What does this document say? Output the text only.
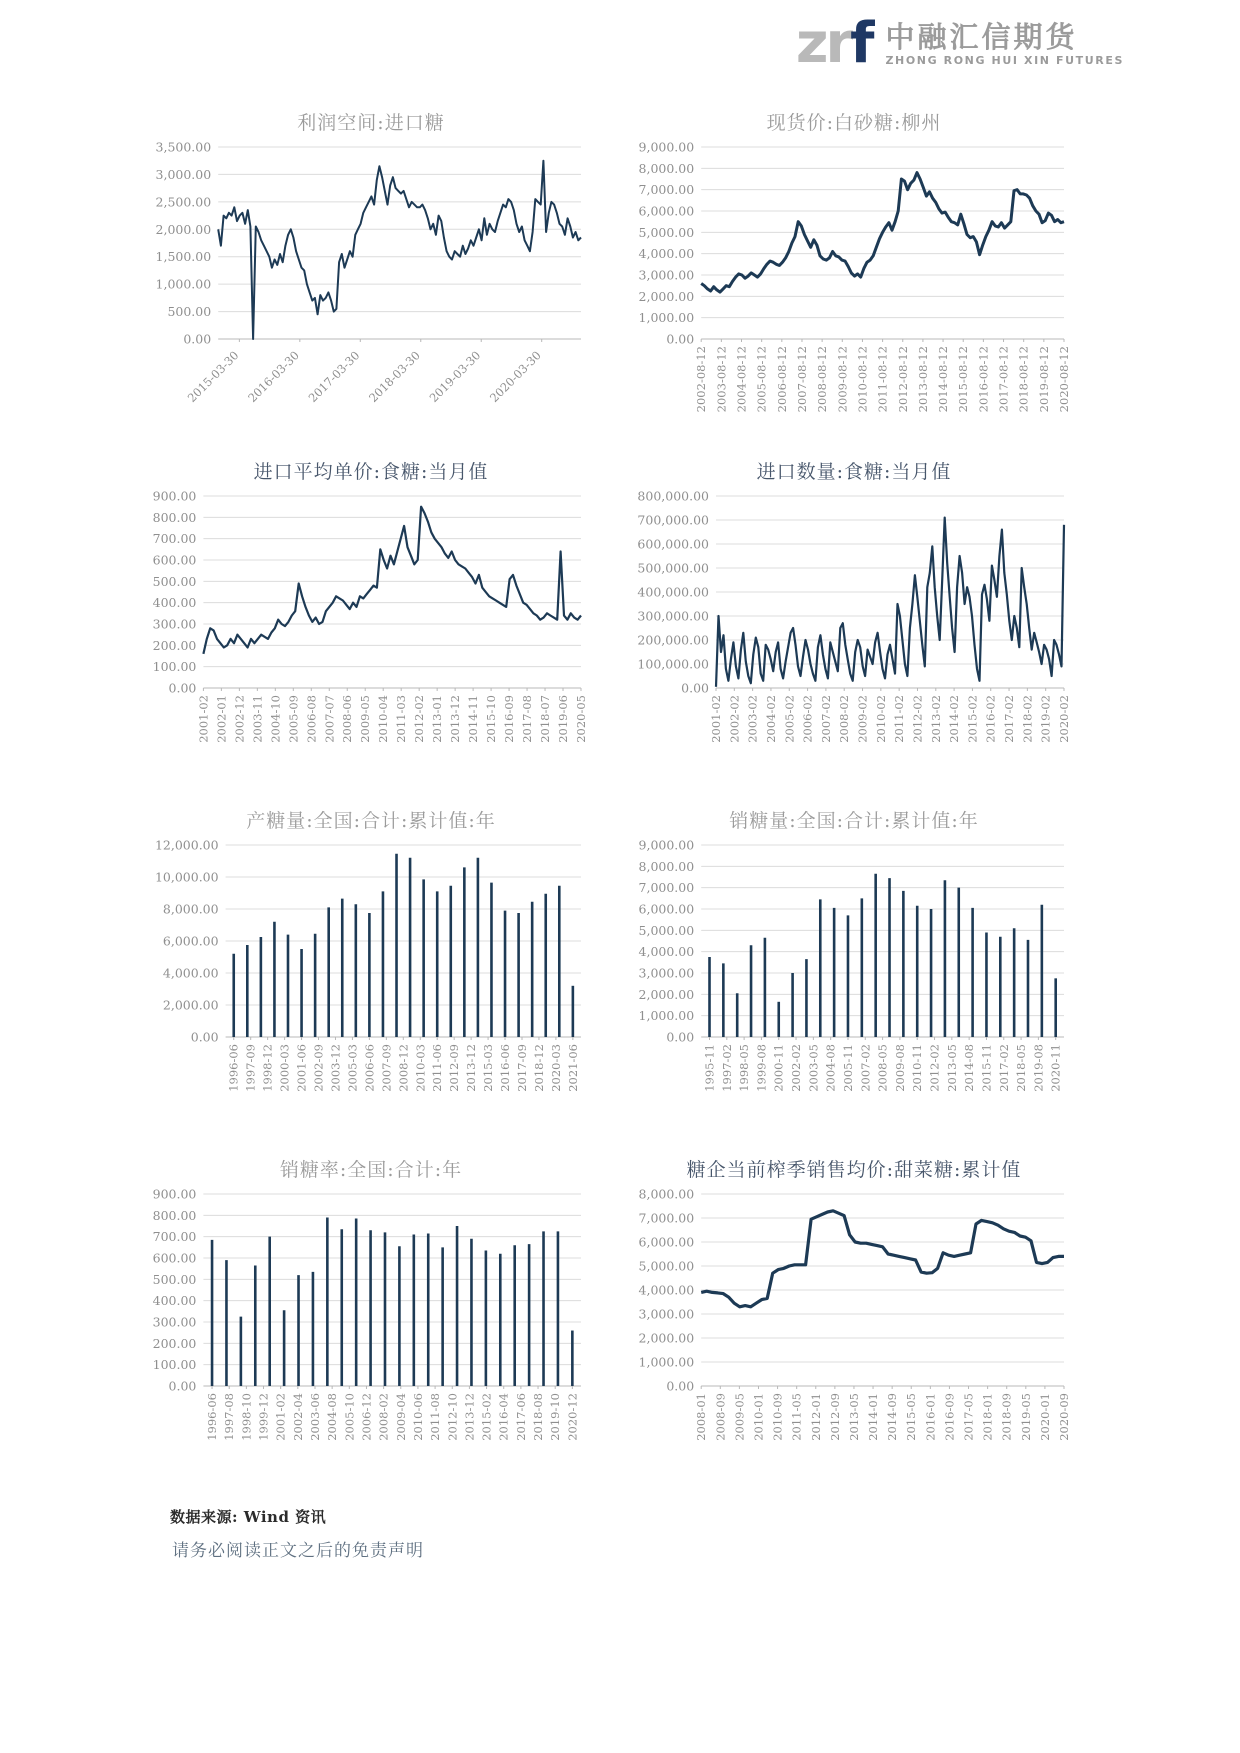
zrf 中融汇信期货
ZHONG RONG HUI XIN FUTURES
利润空间:进口糖
0.00
500.00
1,000.00
1,500.00
2,000.00
2,500.00
3,000.00
3,500.00
2015-03-30 2016-03-30 2017-03-30 2018-03-30 2019-03-30 2020-03-30
现货价:白砂糖:柳州
0.00
1,000.00
2,000.00
3,000.00
4,000.00
5,000.00
6,000.00
7,000.00
8,000.00
9,000.00
2002-08-12 2003-08-12 2004-08-12 2005-08-12 2006-08-12 2007-08-12 2008-08-12 2009-08-12 2010-08-12 2011-08-12 2012-08-12 2013-08-12 2014-08-12 2015-08-12 2016-08-12 2017-08-12 2018-08-12 2019-08-12 2020-08-12
进口平均单价:食糖:当月值
0.00
100.00
200.00
300.00
400.00
500.00
600.00
700.00
800.00
900.00
2001-02 2002-01 2002-12 2003-11 2004-10 2005-09 2006-08 2007-07 2008-06 2009-05 2010-04 2011-03 2012-02 2013-01 2013-12 2014-11 2015-10 2016-09 2017-08 2018-07 2019-06 2020-05
进口数量:食糖:当月值
0.00
100,000.00
200,000.00
300,000.00
400,000.00
500,000.00
600,000.00
700,000.00
800,000.00
2001-02 2002-02 2003-02 2004-02 2005-02 2006-02 2007-02 2008-02 2009-02 2010-02 2011-02 2012-02 2013-02 2014-02 2015-02 2016-02 2017-02 2018-02 2019-02 2020-02
产糖量:全国:合计:累计值:年
0.00
2,000.00
4,000.00
6,000.00
8,000.00
10,000.00
12,000.00
1996-06 1997-09 1998-12 2000-03 2001-06 2002-09 2003-12 2005-03 2006-06 2007-09 2008-12 2010-03 2011-06 2012-09 2013-12 2015-03 2016-06 2017-09 2018-12 2020-03 2021-06
销糖量:全国:合计:累计值:年
0.00
1,000.00
2,000.00
3,000.00
4,000.00
5,000.00
6,000.00
7,000.00
8,000.00
9,000.00
1995-11 1997-02 1998-05 1999-08 2000-11 2002-02 2003-05 2004-08 2005-11 2007-02 2008-05 2009-08 2010-11 2012-02 2013-05 2014-08 2015-11 2017-02 2018-05 2019-08 2020-11
销糖率:全国:合计:年
0.00
100.00
200.00
300.00
400.00
500.00
600.00
700.00
800.00
900.00
1996-06 1997-08 1998-10 1999-12 2001-02 2002-04 2003-06 2004-08 2005-10 2006-12 2008-02 2009-04 2010-06 2011-08 2012-10 2013-12 2015-02 2016-04 2017-06 2018-08 2019-10 2020-12
糖企当前榨季销售均价:甜菜糖:累计值
0.00
1,000.00
2,000.00
3,000.00
4,000.00
5,000.00
6,000.00
7,000.00
8,000.00
2008-01 2008-09 2009-05 2010-01 2010-09 2011-05 2012-01 2012-09 2013-05 2014-01 2014-09 2015-05 2016-01 2016-09 2017-05 2018-01 2018-09 2019-05 2020-01 2020-09
数据来源: Wind 资讯
请务必阅读正文之后的免责声明
